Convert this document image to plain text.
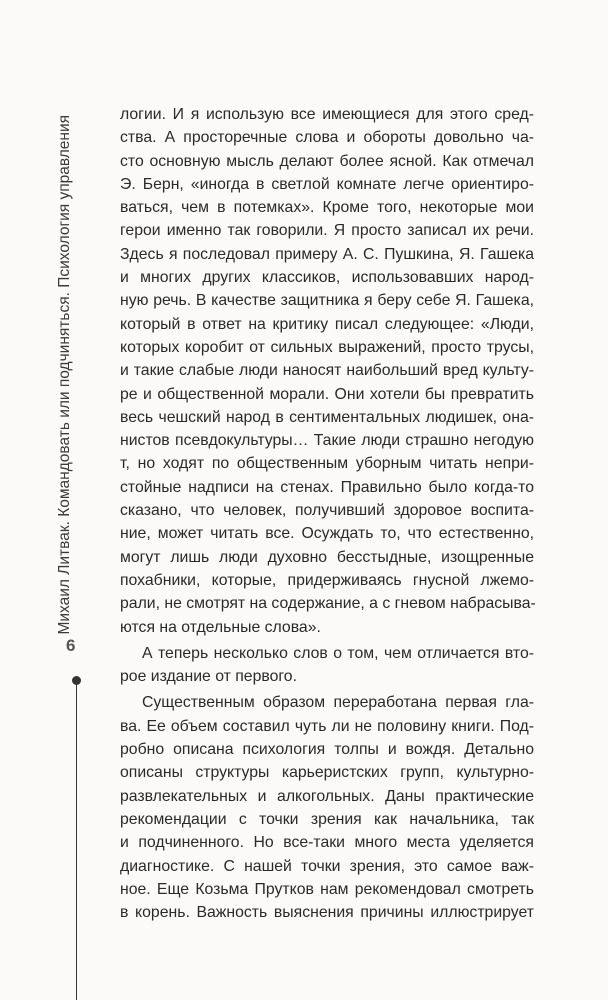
Михаил Литвак. Командовать или подчиняться. Психология управления
6
логии. И я использую все имеющиеся для этого сред-
ства. А просторечные слова и обороты довольно ча-
сто основную мысль делают более ясной. Как отмечал
Э. Берн, «иногда в светлой комнате легче ориентиро-
ваться, чем в потемках». Кроме того, некоторые мои
герои именно так говорили. Я просто записал их речи.
Здесь я последовал примеру А. С. Пушкина, Я. Гашека
и многих других классиков, использовавших народ-
ную речь. В качестве защитника я беру себе Я. Гашека,
который в ответ на критику писал следующее: «Люди,
которых коробит от сильных выражений, просто трусы,
и такие слабые люди наносят наибольший вред культу-
ре и общественной морали. Они хотели бы превратить
весь чешский народ в сентиментальных людишек, она-
нистов псевдокультуры… Такие люди страшно негодую
т, но ходят по общественным уборным читать непри-
стойные надписи на стенах. Правильно было когда-то
сказано, что человек, получивший здоровое воспита-
ние, может читать все. Осуждать то, что естественно,
могут лишь люди духовно бесстыдные, изощренные
похабники, которые, придерживаясь гнусной лжемо-
рали, не смотрят на содержание, а с гневом набрасыва-
ются на отдельные слова».
А теперь несколько слов о том, чем отличается вто-
рое издание от первого.
Существенным образом переработана первая гла-
ва. Ее объем составил чуть ли не половину книги. Под-
робно описана психология толпы и вождя. Детально
описаны структуры карьеристских групп, культурно-
развлекательных и алкогольных. Даны практические
рекомендации с точки зрения как начальника, так
и подчиненного. Но все-таки много места уделяется
диагностике. С нашей точки зрения, это самое важ-
ное. Еще Козьма Прутков нам рекомендовал смотреть
в корень. Важность выяснения причины иллюстрирует
